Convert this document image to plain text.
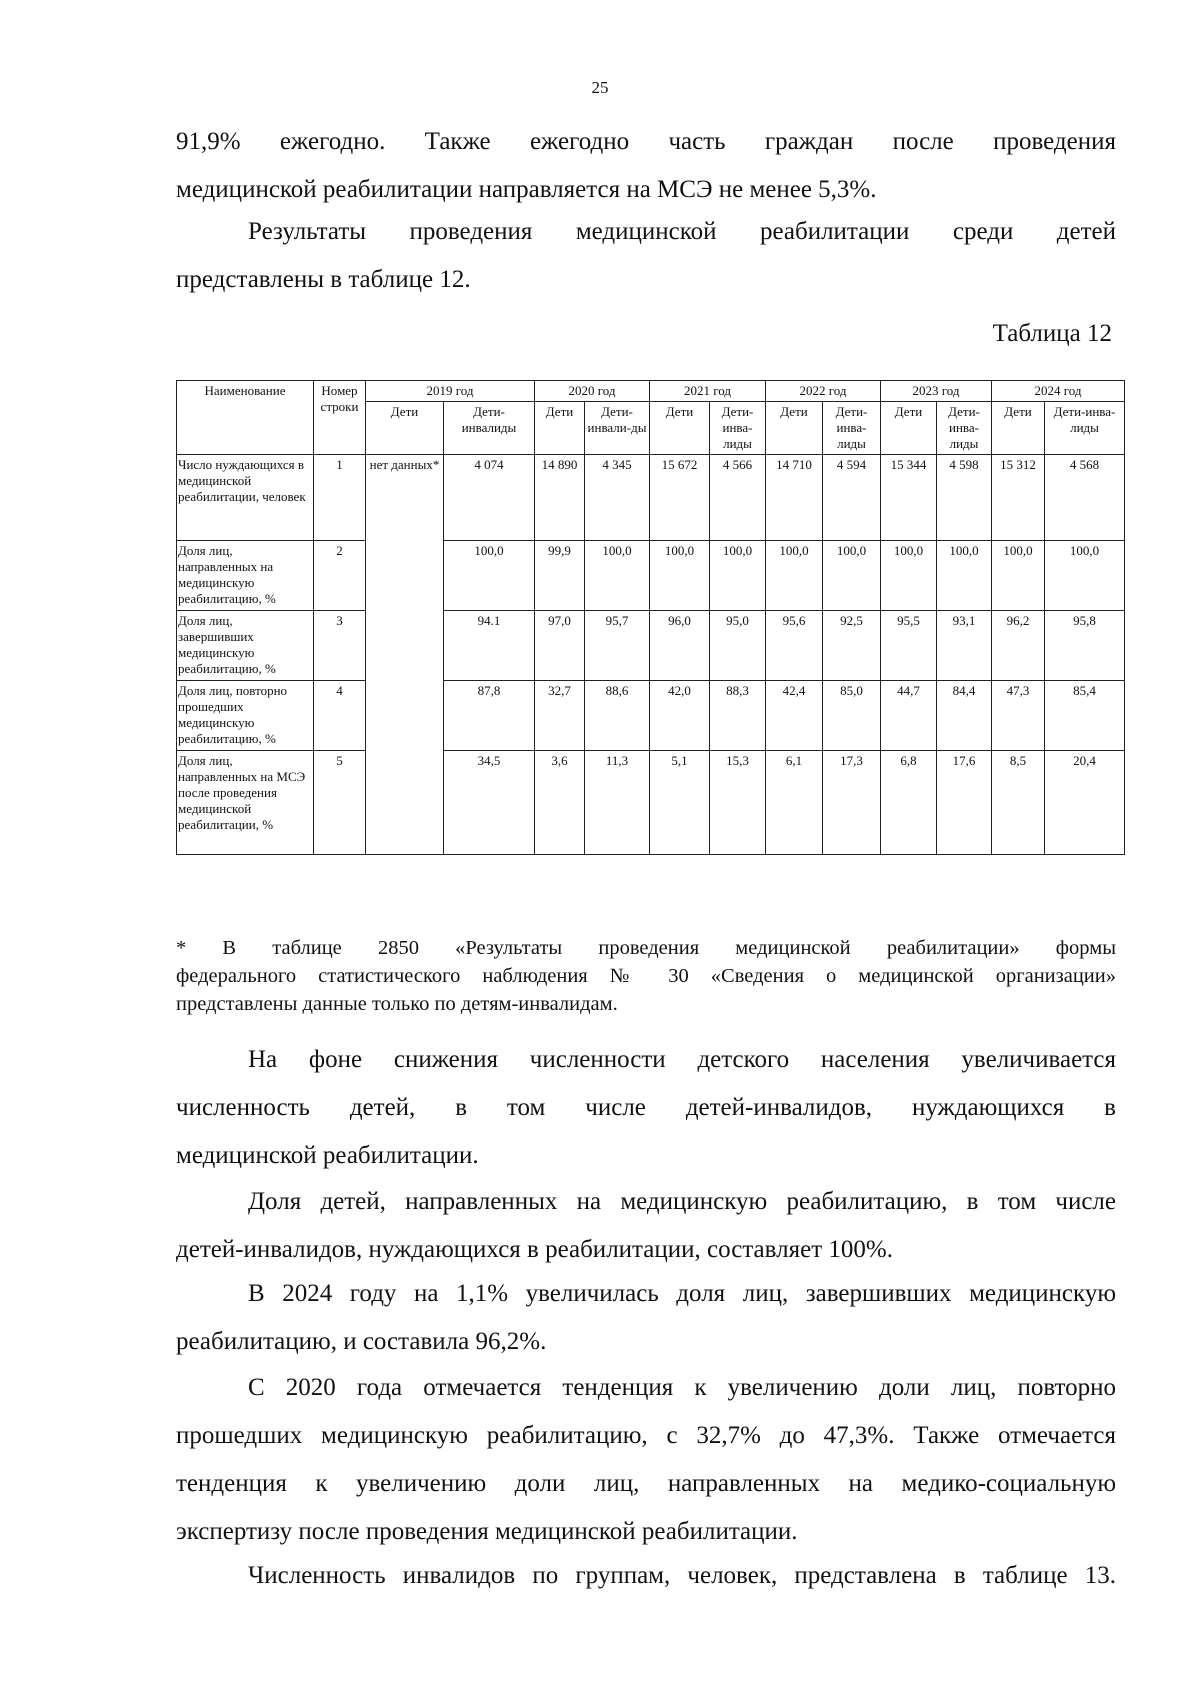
25

91,9% ежегодно. Также ежегодно часть граждан после проведения

медицинской реабилитации направляется на МСЭ не менее 5,3%.

Результаты проведения медицинской реабилитации среди детей

представлены в таблице 12.

Таблица 12
Наименование	Номер строки	2019 год		2020 год		2021 год		2022 год		2023 год		2024 год	
		Дети	Дети-инвалиды	Дети	Дети-инвали-ды	Дети	Дети-инва-лиды	Дети	Дети-инва-лиды	Дети	Дети-инва-лиды	Дети	Дети-инва-лиды
Число нуждающихся в медицинской реабилитации, человек	1	нет данных*	4 074	14 890	4 345	15 672	4 566	14 710	4 594	15 344	4 598	15 312	4 568
Доля лиц, направленных на медицинскую реабилитацию, %	2		100,0	99,9	100,0	100,0	100,0	100,0	100,0	100,0	100,0	100,0	100,0
Доля лиц, завершивших медицинскую реабилитацию, %	3		94.1	97,0	95,7	96,0	95,0	95,6	92,5	95,5	93,1	96,2	95,8
Доля лиц, повторно прошедших медицинскую реабилитацию, %	4		87,8	32,7	88,6	42,0	88,3	42,4	85,0	44,7	84,4	47,3	85,4
Доля лиц, направленных на МСЭ после проведения медицинской реабилитации, %	5		34,5	3,6	11,3	5,1	15,3	6,1	17,3	6,8	17,6	8,5	20,4

* В таблице 2850 «Результаты проведения медицинской реабилитации» формы
федерального статистического наблюдения № 30 «Сведения о медицинской организации»
представлены данные только по детям-инвалидам.

На фоне снижения численности детского населения увеличивается

численность детей, в том числе детей-инвалидов, нуждающихся в

медицинской реабилитации.

Доля детей, направленных на медицинскую реабилитацию, в том числе

детей-инвалидов, нуждающихся в реабилитации, составляет 100%.

В 2024 году на 1,1% увеличилась доля лиц, завершивших медицинскую

реабилитацию, и составила 96,2%.

С 2020 года отмечается тенденция к увеличению доли лиц, повторно

прошедших медицинскую реабилитацию, с 32,7% до 47,3%. Также отмечается

тенденция к увеличению доли лиц, направленных на медико-социальную

экспертизу после проведения медицинской реабилитации.

Численность инвалидов по группам, человек, представлена в таблице 13.
